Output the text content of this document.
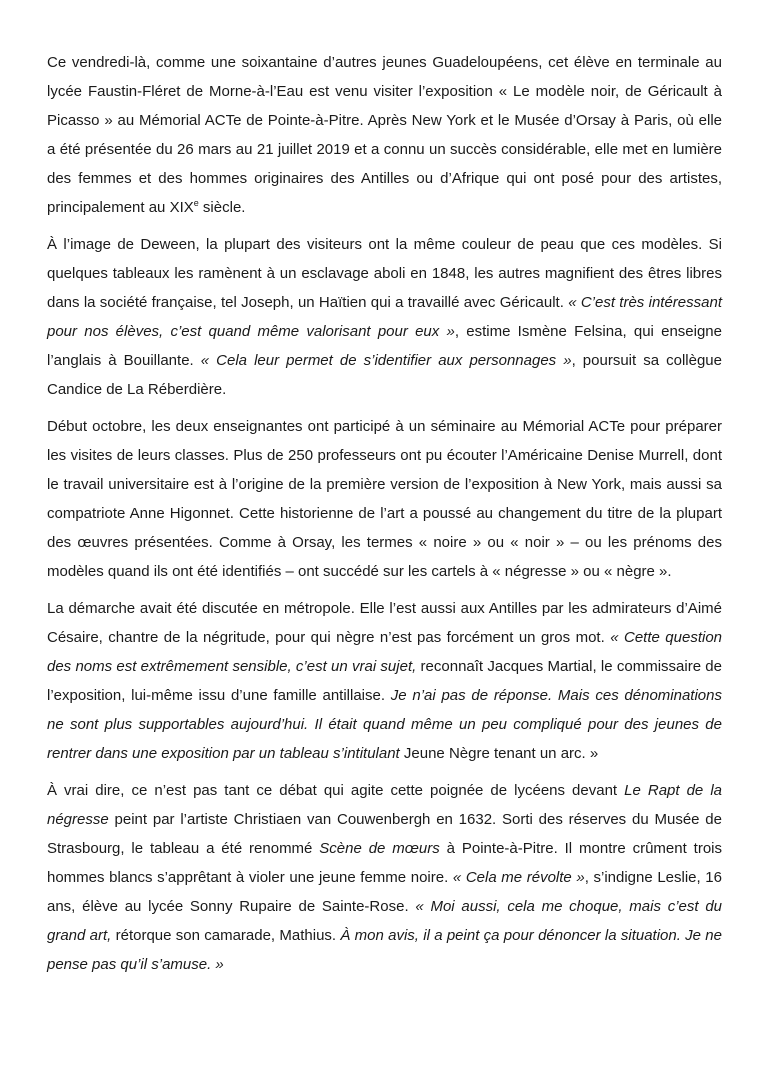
Ce vendredi-là, comme une soixantaine d’autres jeunes Guadeloupéens, cet élève en terminale au lycée Faustin-Fléret de Morne-à-l’Eau est venu visiter l’exposition « Le modèle noir, de Géricault à Picasso » au Mémorial ACTe de Pointe-à-Pitre. Après New York et le Musée d’Orsay à Paris, où elle a été présentée du 26 mars au 21 juillet 2019 et a connu un succès considérable, elle met en lumière des femmes et des hommes originaires des Antilles ou d’Afrique qui ont posé pour des artistes, principalement au XIXe siècle.

À l’image de Deween, la plupart des visiteurs ont la même couleur de peau que ces modèles. Si quelques tableaux les ramènent à un esclavage aboli en 1848, les autres magnifient des êtres libres dans la société française, tel Joseph, un Haïtien qui a travaillé avec Géricault. « C’est très intéressant pour nos élèves, c’est quand même valorisant pour eux », estime Ismène Felsina, qui enseigne l’anglais à Bouillante. « Cela leur permet de s’identifier aux personnages », poursuit sa collègue Candice de La Réberdière.

Début octobre, les deux enseignantes ont participé à un séminaire au Mémorial ACTe pour préparer les visites de leurs classes. Plus de 250 professeurs ont pu écouter l’Américaine Denise Murrell, dont le travail universitaire est à l’origine de la première version de l’exposition à New York, mais aussi sa compatriote Anne Higonnet. Cette historienne de l’art a poussé au changement du titre de la plupart des œuvres présentées. Comme à Orsay, les termes « noire » ou « noir » – ou les prénoms des modèles quand ils ont été identifiés – ont succédé sur les cartels à « négresse » ou « nègre ».

La démarche avait été discutée en métropole. Elle l’est aussi aux Antilles par les admirateurs d’Aimé Césaire, chantre de la négritude, pour qui nègre n’est pas forcément un gros mot. « Cette question des noms est extrêmement sensible, c’est un vrai sujet, reconnaît Jacques Martial, le commissaire de l’exposition, lui-même issu d’une famille antillaise. Je n’ai pas de réponse. Mais ces dénominations ne sont plus supportables aujourd’hui. Il était quand même un peu compliqué pour des jeunes de rentrer dans une exposition par un tableau s’intitulant Jeune Nègre tenant un arc. »

À vrai dire, ce n’est pas tant ce débat qui agite cette poignée de lycéens devant Le Rapt de la négresse peint par l’artiste Christiaen van Couwenbergh en 1632. Sorti des réserves du Musée de Strasbourg, le tableau a été renommé Scène de mœurs à Pointe-à-Pitre. Il montre crûment trois hommes blancs s’apprêtant à violer une jeune femme noire. « Cela me révolte », s’indigne Leslie, 16 ans, élève au lycée Sonny Rupaire de Sainte-Rose. « Moi aussi, cela me choque, mais c’est du grand art, rétorque son camarade, Mathius. À mon avis, il a peint ça pour dénoncer la situation. Je ne pense pas qu’il s’amuse. »
